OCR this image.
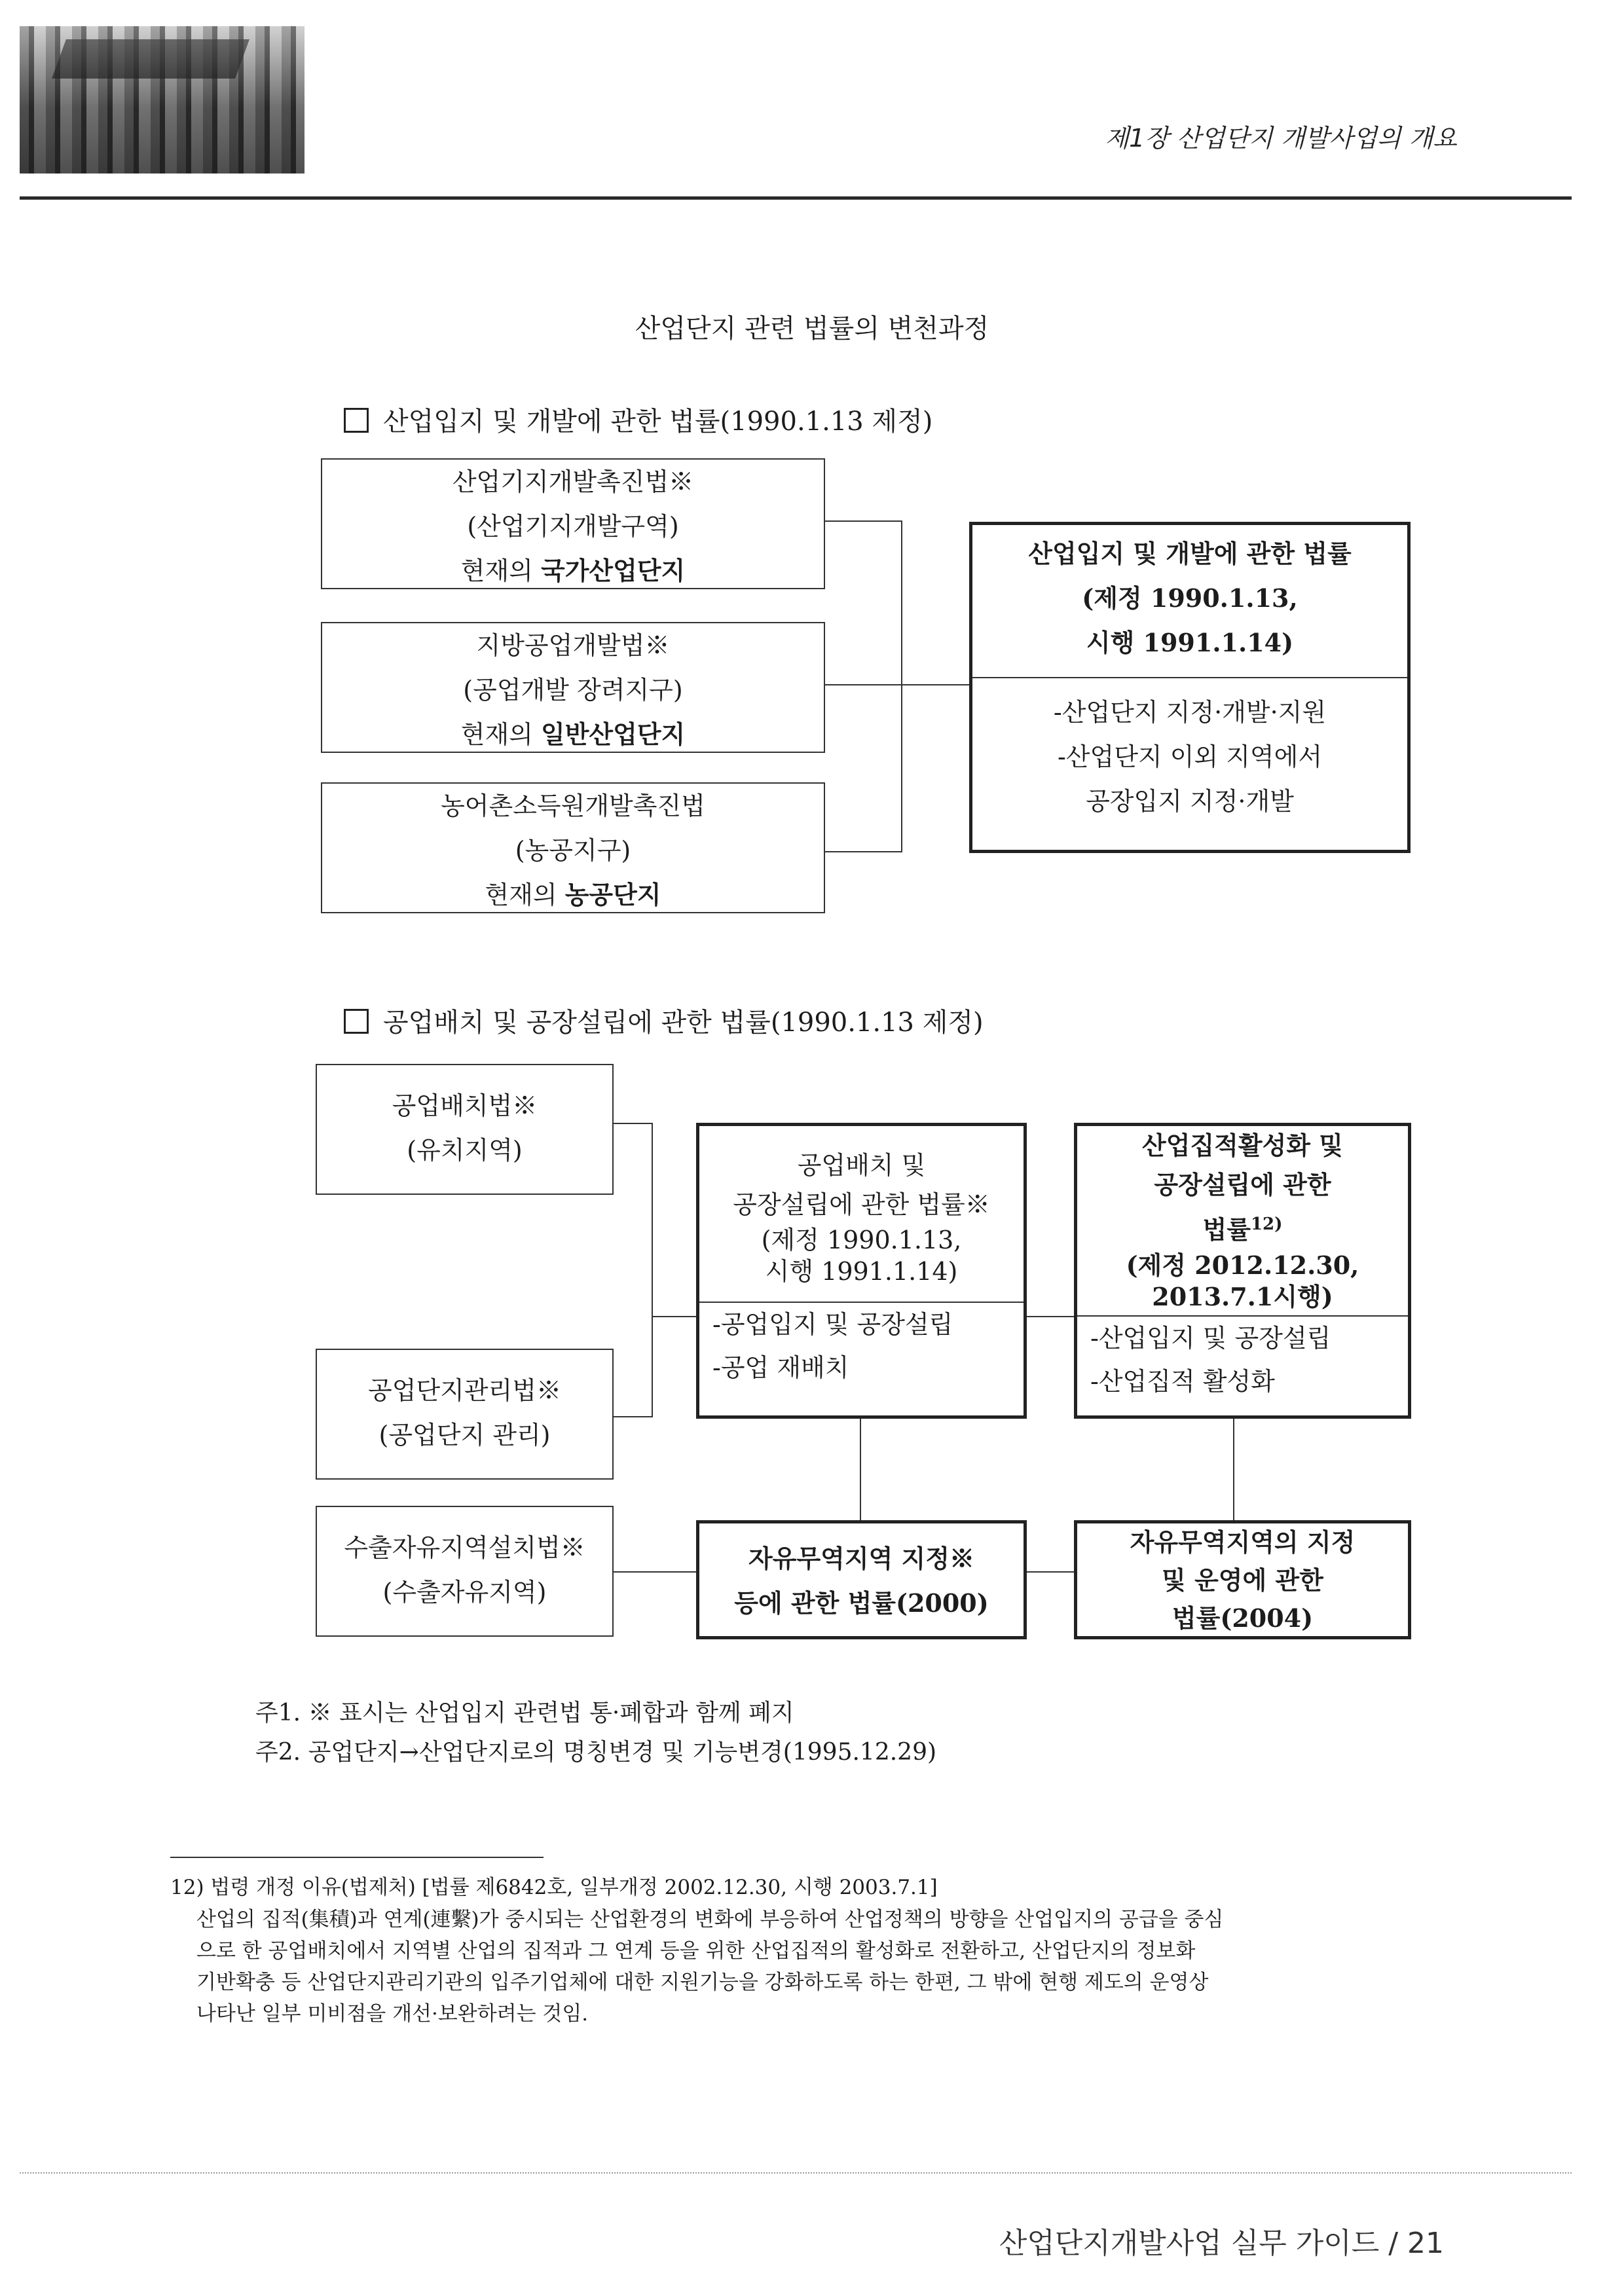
제1장 산업단지 개발사업의 개요
산업단지 관련 법률의 변천과정
산업입지 및 개발에 관한 법률(1990.1.13 제정)
산업기지개발촉진법※
(산업기지개발구역)
현재의 국가산업단지
지방공업개발법※
(공업개발 장려지구)
현재의 일반산업단지
농어촌소득원개발촉진법
(농공지구)
현재의 농공단지
산업입지 및 개발에 관한 법률
(제정 1990.1.13,
시행 1991.1.14)
-산업단지 지정·개발·지원
-산업단지 이외 지역에서
공장입지 지정·개발
공업배치 및 공장설립에 관한 법률(1990.1.13 제정)
공업배치법※
(유치지역)
공업단지관리법※
(공업단지 관리)
수출자유지역설치법※
(수출자유지역)
공업배치 및
공장설립에 관한 법률※
(제정 1990.1.13,
시행 1991.1.14)
-공업입지 및 공장설립
-공업 재배치
산업집적활성화 및
공장설립에 관한
법률$^{12)}$
(제정 2012.12.30,
2013.7.1시행)
-산업입지 및 공장설립
-산업집적 활성화
자유무역지역 지정※
등에 관한 법률(2000)
자유무역지역의 지정
및 운영에 관한
법률(2004)
주1. ※ 표시는 산업입지 관련법 통·폐합과 함께 폐지
주2. 공업단지→산업단지로의 명칭변경 및 기능변경(1995.12.29)
12) 법령 개정 이유(법제처) [법률 제6842호, 일부개정 2002.12.30, 시행 2003.7.1]
산업의 집적(集積)과 연계(連繫)가 중시되는 산업환경의 변화에 부응하여 산업정책의 방향을 산업입지의 공급을 중심
으로 한 공업배치에서 지역별 산업의 집적과 그 연계 등을 위한 산업집적의 활성화로 전환하고, 산업단지의 정보화
기반확충 등 산업단지관리기관의 입주기업체에 대한 지원기능을 강화하도록 하는 한편, 그 밖에 현행 제도의 운영상
나타난 일부 미비점을 개선·보완하려는 것임.
산업단지개발사업 실무 가이드 / 21
